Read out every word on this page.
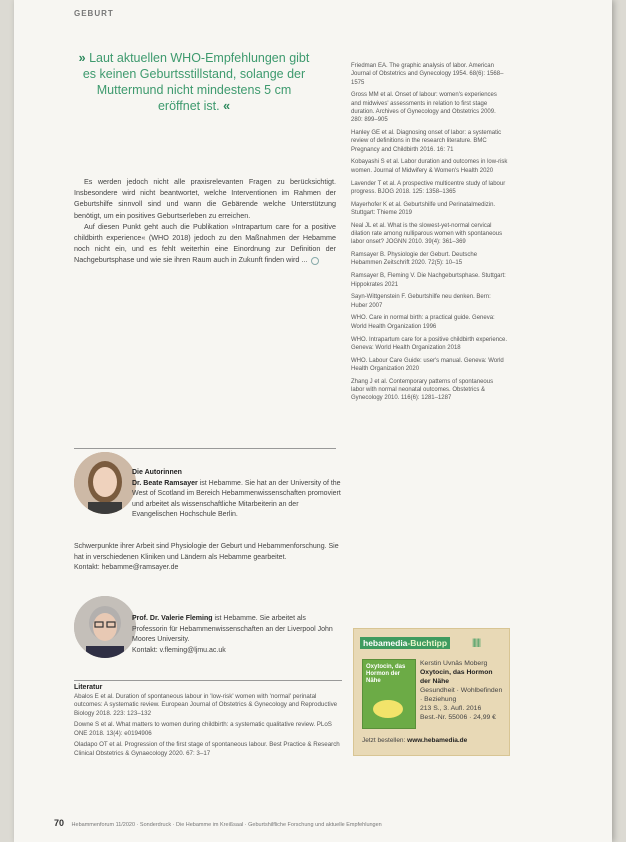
GEBURT
» Laut aktuellen WHO-Empfehlungen gibt es keinen Geburtsstillstand, solange der Muttermund nicht mindestens 5 cm eröffnet ist. «

Es werden jedoch nicht alle praxisrelevanten Fragen zu berücksichtigt. Insbesondere wird nicht beantwortet, welche Interventionen im Rahmen der Geburtshilfe sinnvoll sind und wann die Gebärende welche Unterstützung benötigt, um ein positives Geburtserleben zu erreichen.

Auf diesen Punkt geht auch die Publikation »Intrapartum care for a positive childbirth experience« (WHO 2018) jedoch zu den Maßnahmen der Hebamme noch nicht ein, und es fehlt weiterhin eine Einordnung zur Definition der Nachgeburtsphase und wie sie ihren Raum auch in Zukunft finden wird ...

Die Autorinnen
Dr. Beate Ramsayer ist Hebamme. Sie hat an der University of the West of Scotland im Bereich Hebammenwissenschaften promoviert und arbeitet als wissenschaftliche Mitarbeiterin an der Evangelischen Hochschule Berlin.
Schwerpunkte ihrer Arbeit sind Physiologie der Geburt und Hebammenforschung. Sie hat in verschiedenen Kliniken und Ländern als Hebamme gearbeitet.
Kontakt: hebamme@ramsayer.de
Prof. Dr. Valerie Fleming ist Hebamme. Sie arbeitet als Professorin für Hebammenwissenschaften an der Liverpool John Moores University.
Kontakt: v.fleming@ljmu.ac.uk
Literatur

Abalos E et al. Duration of spontaneous labour in 'low-risk' women with 'normal' perinatal outcomes: A systematic review. European Journal of Obstetrics & Gynecology and Reproductive Biology 2018. 223: 123–132

Downe S et al. What matters to women during childbirth: a systematic qualitative review. PLoS ONE 2018. 13(4): e0194906

Oladapo OT et al. Progression of the first stage of spontaneous labour. Best Practice & Research Clinical Obstetrics & Gynaecology 2020. 67: 3–17

Friedman EA. The graphic analysis of labor. American Journal of Obstetrics and Gynecology 1954. 68(6): 1568–1575

Gross MM et al. Onset of labour: women's experiences and midwives' assessments in relation to first stage duration. Archives of Gynecology and Obstetrics 2009. 280: 899–905

Hanley GE et al. Diagnosing onset of labor: a systematic review of definitions in the research literature. BMC Pregnancy and Childbirth 2016. 16: 71

Kobayashi S et al. Labor duration and outcomes in low-risk women. Journal of Midwifery & Women's Health 2020

Lavender T et al. A prospective multicentre study of labour progress. BJOG 2018. 125: 1358–1365

Mayerhofer K et al. Geburtshilfe und Perinatalmedizin. Stuttgart: Thieme 2019

Neal JL et al. What is the slowest-yet-normal cervical dilation rate among nulliparous women with spontaneous labor onset? JOGNN 2010. 39(4): 361–369

Ramsayer B. Physiologie der Geburt. Deutsche Hebammen Zeitschrift 2020. 72(5): 10–15

Ramsayer B, Fleming V. Die Nachgeburtsphase. Stuttgart: Hippokrates 2021

Sayn-Wittgenstein F. Geburtshilfe neu denken. Bern: Huber 2007

WHO. Care in normal birth: a practical guide. Geneva: World Health Organization 1996

WHO. Intrapartum care for a positive childbirth experience. Geneva: World Health Organization 2018

WHO. Labour Care Guide: user's manual. Geneva: World Health Organization 2020

Zhang J et al. Contemporary patterns of spontaneous labor with normal neonatal outcomes. Obstetrics & Gynecology 2010. 116(6): 1281–1287

hebamedia-Buchtipp	||||||
Oxytocin, das Hormon der Nähe
Kerstin Uvnäs Moberg
Oxytocin, das Hormon der Nähe
Gesundheit · Wohlbefinden · Beziehung
213 S., 3. Aufl. 2016
Best.-Nr. 55006 · 24,99 €
Jetzt bestellen: www.hebamedia.de
70 Hebammenforum 11/2020 · Sonderdruck · Die Hebamme im Kreißsaal · Geburtshilfliche Forschung und aktuelle Empfehlungen
